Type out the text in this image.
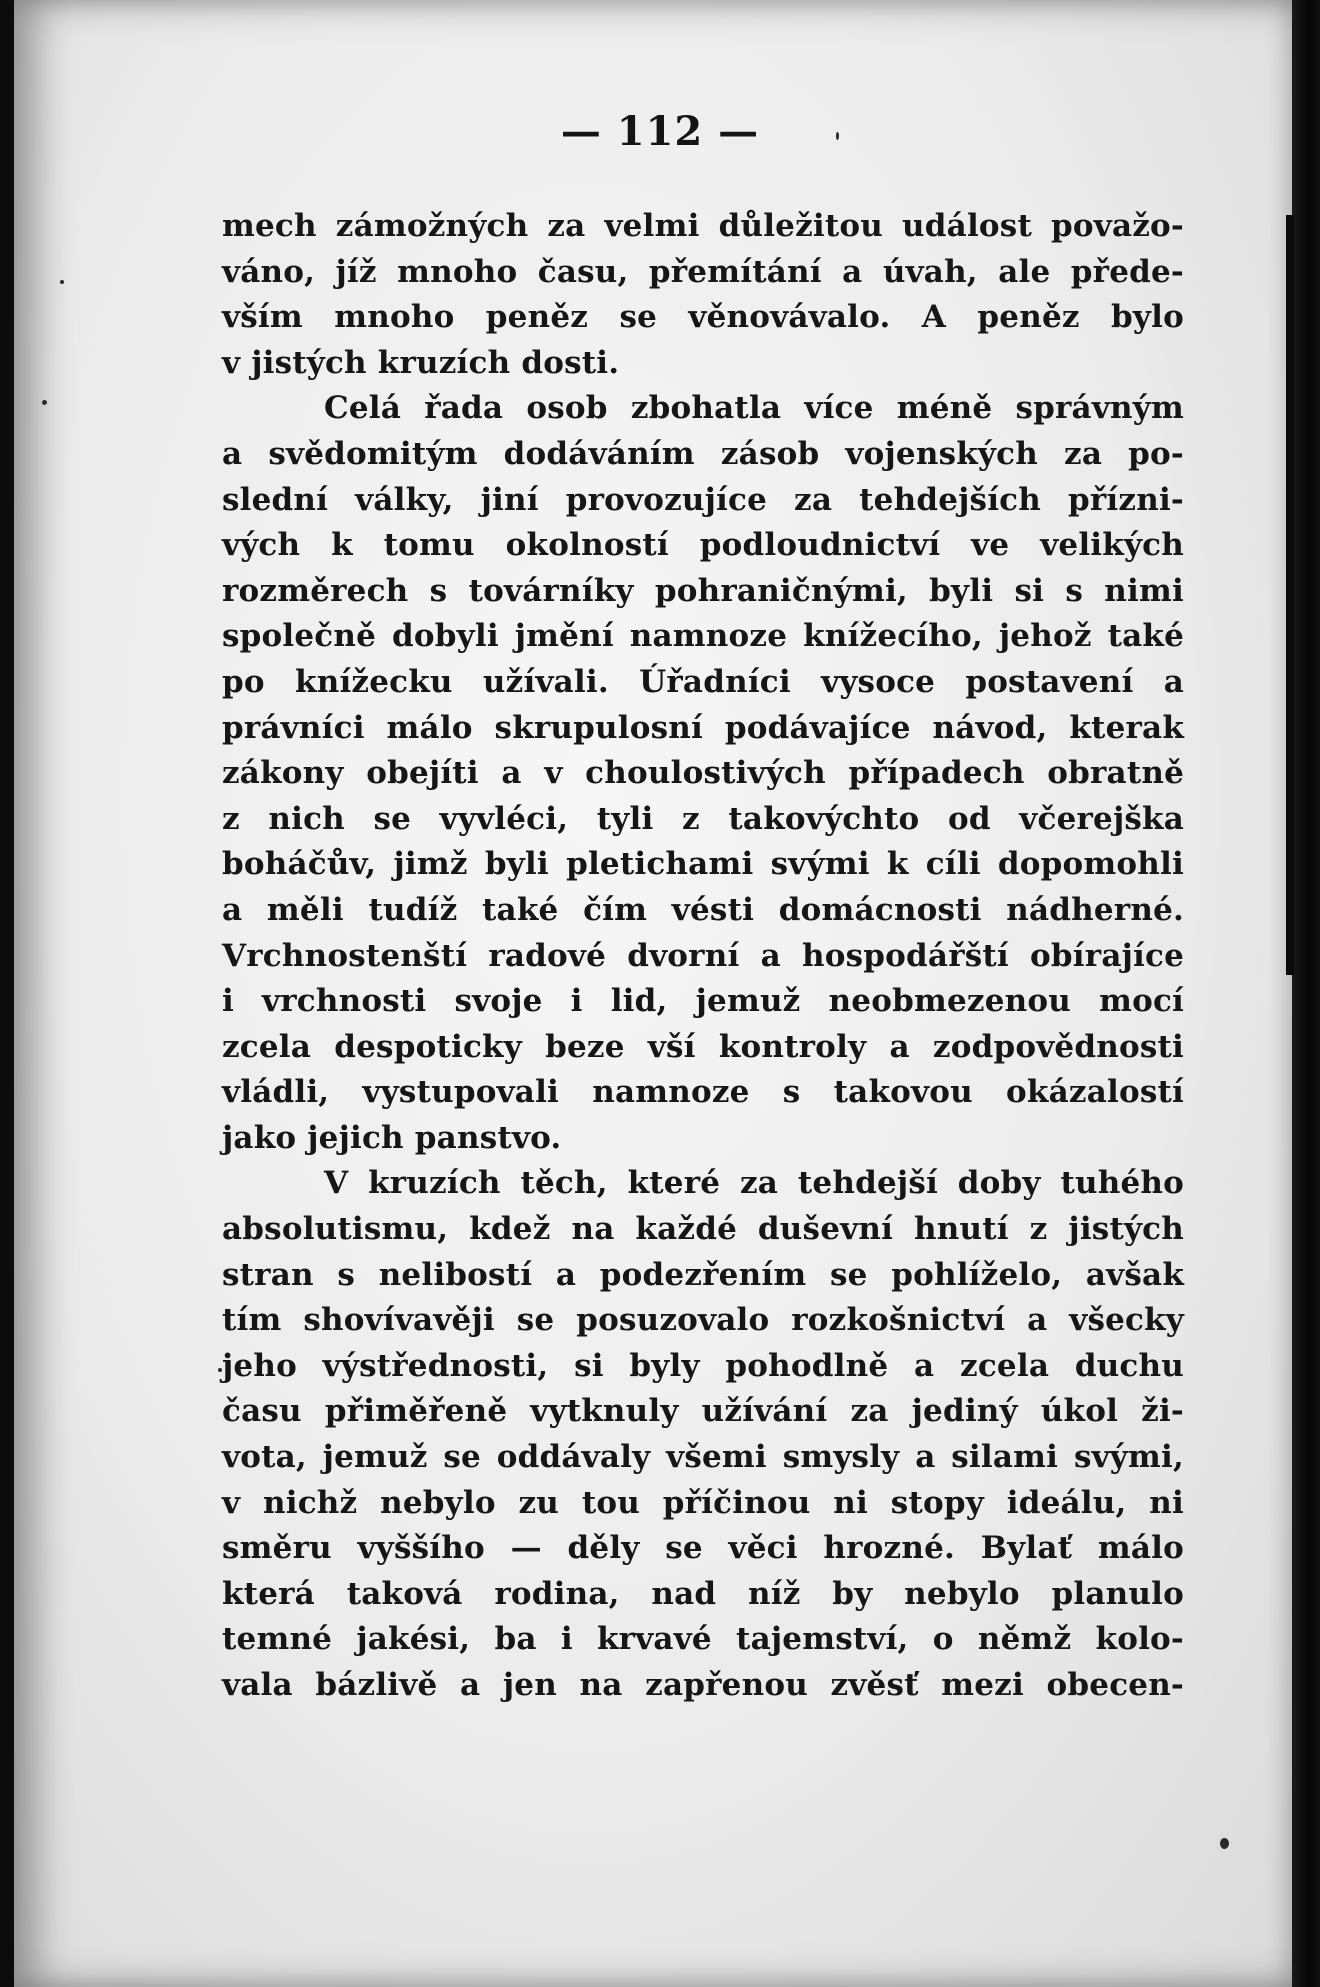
— 112 —
mech zámožných za velmi důležitou událost považo-
váno, jíž mnoho času, přemítání a úvah, ale přede-
vším mnoho peněz se věnovávalo. A peněz bylo
v jistých kruzích dosti.
Celá řada osob zbohatla více méně správným
a svědomitým dodáváním zásob vojenských za po-
slední války, jiní provozujíce za tehdejších přízni-
vých k tomu okolností podloudnictví ve velikých
rozměrech s továrníky pohraničnými, byli si s nimi
společně dobyli jmění namnoze knížecího, jehož také
po knížecku užívali. Úřadníci vysoce postavení a
právníci málo skrupulosní podávajíce návod, kterak
zákony obejíti a v choulostivých případech obratně
z nich se vyvléci, tyli z takovýchto od včerejška
boháčův, jimž byli pletichami svými k cíli dopomohli
a měli tudíž také čím vésti domácnosti nádherné.
Vrchnostenští radové dvorní a hospodářští obírajíce
i vrchnosti svoje i lid, jemuž neobmezenou mocí
zcela despoticky beze vší kontroly a zodpovědnosti
vládli, vystupovali namnoze s takovou okázalostí
jako jejich panstvo.
V kruzích těch, které za tehdejší doby tuhého
absolutismu, kdež na každé duševní hnutí z jistých
stran s nelibostí a podezřením se pohlíželo, avšak
tím shovívavěji se posuzovalo rozkošnictví a všecky
jeho výstřednosti, si byly pohodlně a zcela duchu
času přiměřeně vytknuly užívání za jediný úkol ži-
vota, jemuž se oddávaly všemi smysly a silami svými,
v nichž nebylo zu tou příčinou ni stopy ideálu, ni
směru vyššího — děly se věci hrozné. Bylať málo
která taková rodina, nad níž by nebylo planulo
temné jakési, ba i krvavé tajemství, o němž kolo-
vala bázlivě a jen na zapřenou zvěsť mezi obecen-
